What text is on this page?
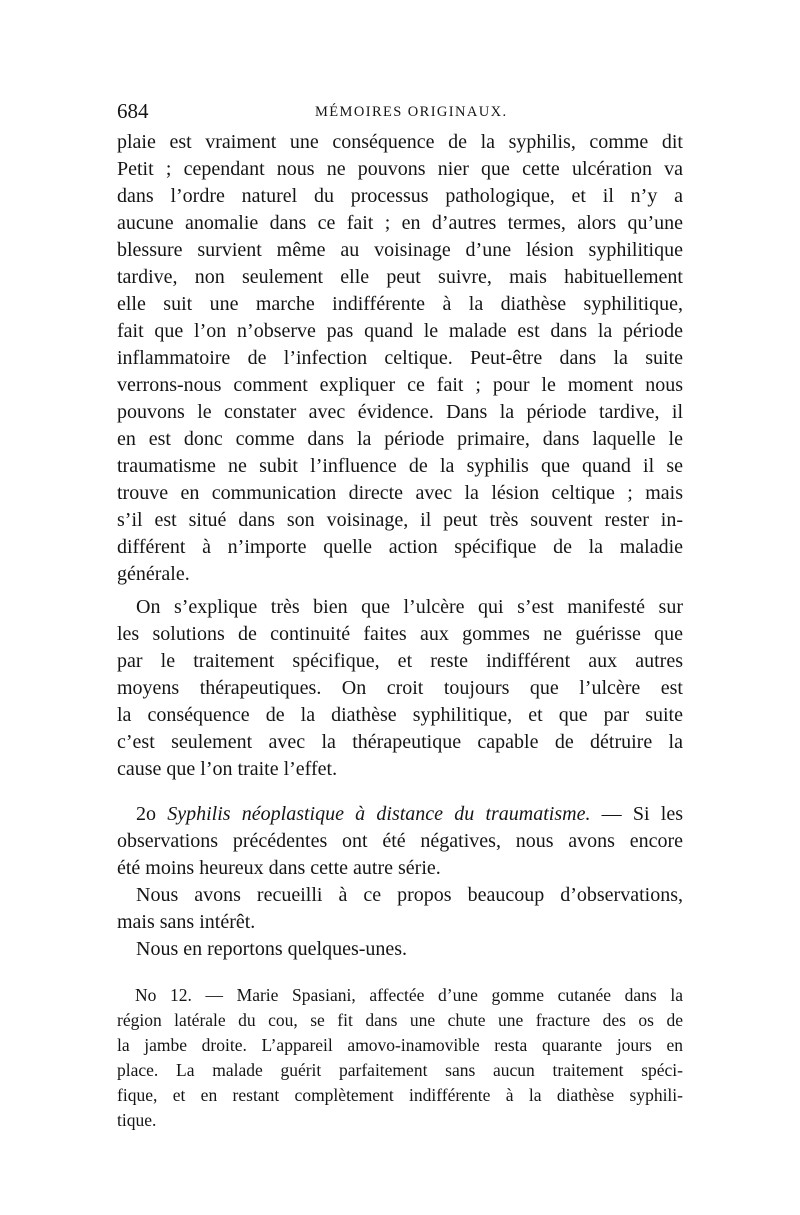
684	MÉMOIRES ORIGINAUX.
plaie est vraiment une conséquence de la syphilis, comme dit
Petit ; cependant nous ne pouvons nier que cette ulcération va
dans l’ordre naturel du processus pathologique, et il n’y a
aucune anomalie dans ce fait ; en d’autres termes, alors qu’une
blessure survient même au voisinage d’une lésion syphilitique
tardive, non seulement elle peut suivre, mais habituellement
elle suit une marche indifférente à la diathèse syphilitique,
fait que l’on n’observe pas quand le malade est dans la période
inflammatoire de l’infection celtique. Peut-être dans la suite
verrons-nous comment expliquer ce fait ; pour le moment nous
pouvons le constater avec évidence. Dans la période tardive, il
en est donc comme dans la période primaire, dans laquelle le
traumatisme ne subit l’influence de la syphilis que quand il se
trouve en communication directe avec la lésion celtique ; mais
s’il est situé dans son voisinage, il peut très souvent rester in-
différent à n’importe quelle action spécifique de la maladie
générale.
On s’explique très bien que l’ulcère qui s’est manifesté sur
les solutions de continuité faites aux gommes ne guérisse que
par le traitement spécifique, et reste indifférent aux autres
moyens thérapeutiques. On croit toujours que l’ulcère est
la conséquence de la diathèse syphilitique, et que par suite
c’est seulement avec la thérapeutique capable de détruire la
cause que l’on traite l’effet.
2o Syphilis néoplastique à distance du traumatisme. — Si les
observations précédentes ont été négatives, nous avons encore
été moins heureux dans cette autre série.
Nous avons recueilli à ce propos beaucoup d’observations,
mais sans intérêt.
Nous en reportons quelques-unes.
No 12. — Marie Spasiani, affectée d’une gomme cutanée dans la
région latérale du cou, se fit dans une chute une fracture des os de
la jambe droite. L’appareil amovo-inamovible resta quarante jours en
place. La malade guérit parfaitement sans aucun traitement spéci-
fique, et en restant complètement indifférente à la diathèse syphili-
tique.
